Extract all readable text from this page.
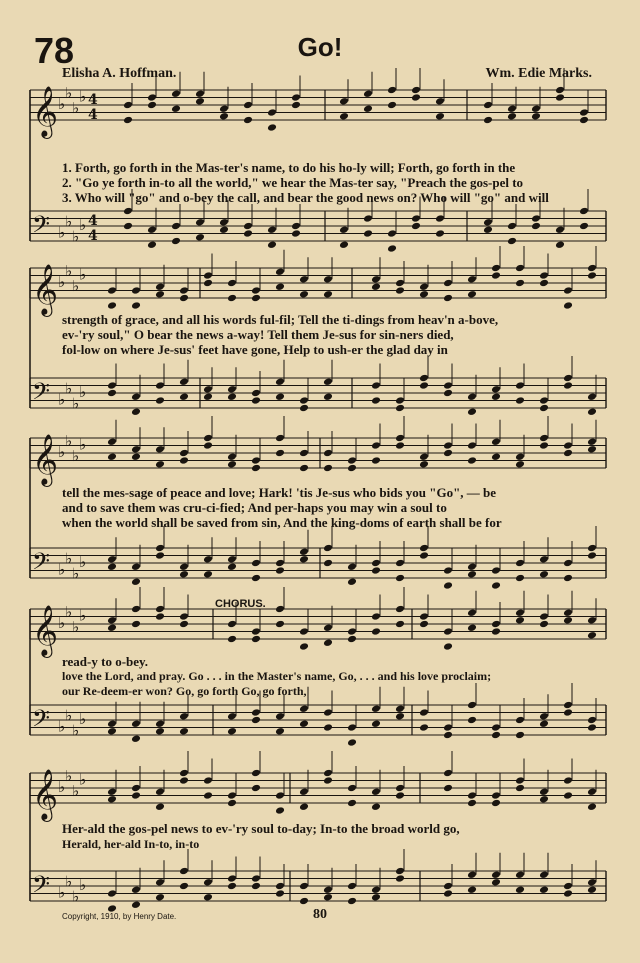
78	Go!
Elisha A. Hoffman.	Wm. Edie Marks.
𝄞 ♭
♭
♭
♭ 4
4
𝄢 ♭
♭
♭
♭ 4
4
𝄞 ♭
♭
♭
♭
𝄢 ♭
♭
♭
♭
𝄞 ♭
♭
♭
♭
𝄢 ♭
♭
♭
♭
𝄞 ♭
♭
♭
♭
𝄢 ♭
♭
♭
♭
𝄞 ♭
♭
♭
♭
𝄢 ♭
♭
♭
♭
1. Forth, go forth in the Mas-ter's name, to do his ho-ly will; Forth, go forth in the
2. "Go ye forth in-to all the world," we hear the Mas-ter say, "Preach the gos-pel to
3. Who will "go" and o-bey the call, and bear the good news on? Who will "go" and will
strength of grace, and all his words ful-fil; Tell the ti-dings from heav'n a-bove,
ev-'ry soul," O bear the news a-way! Tell them Je-sus for sin-ners died,
fol-low on where Je-sus' feet have gone, Help to ush-er the glad day in
tell the mes-sage of peace and love; Hark! 'tis Je-sus who bids you "Go", — be
and to save them was cru-ci-fied; And per-haps you may win a soul to
when the world shall be saved from sin, And the king-doms of earth shall be for
CHORUS.
read-y to o-bey.
love the Lord, and pray. Go . . . in the Master's name, Go, . . . and his love proclaim;
our Re-deem-er won? Go, go forth Go, go forth,
Her-ald the gos-pel news to ev-'ry soul to-day; In-to the broad world go,
Herald, her-ald In-to, in-to
Copyright, 1910, by Henry Date.	80
